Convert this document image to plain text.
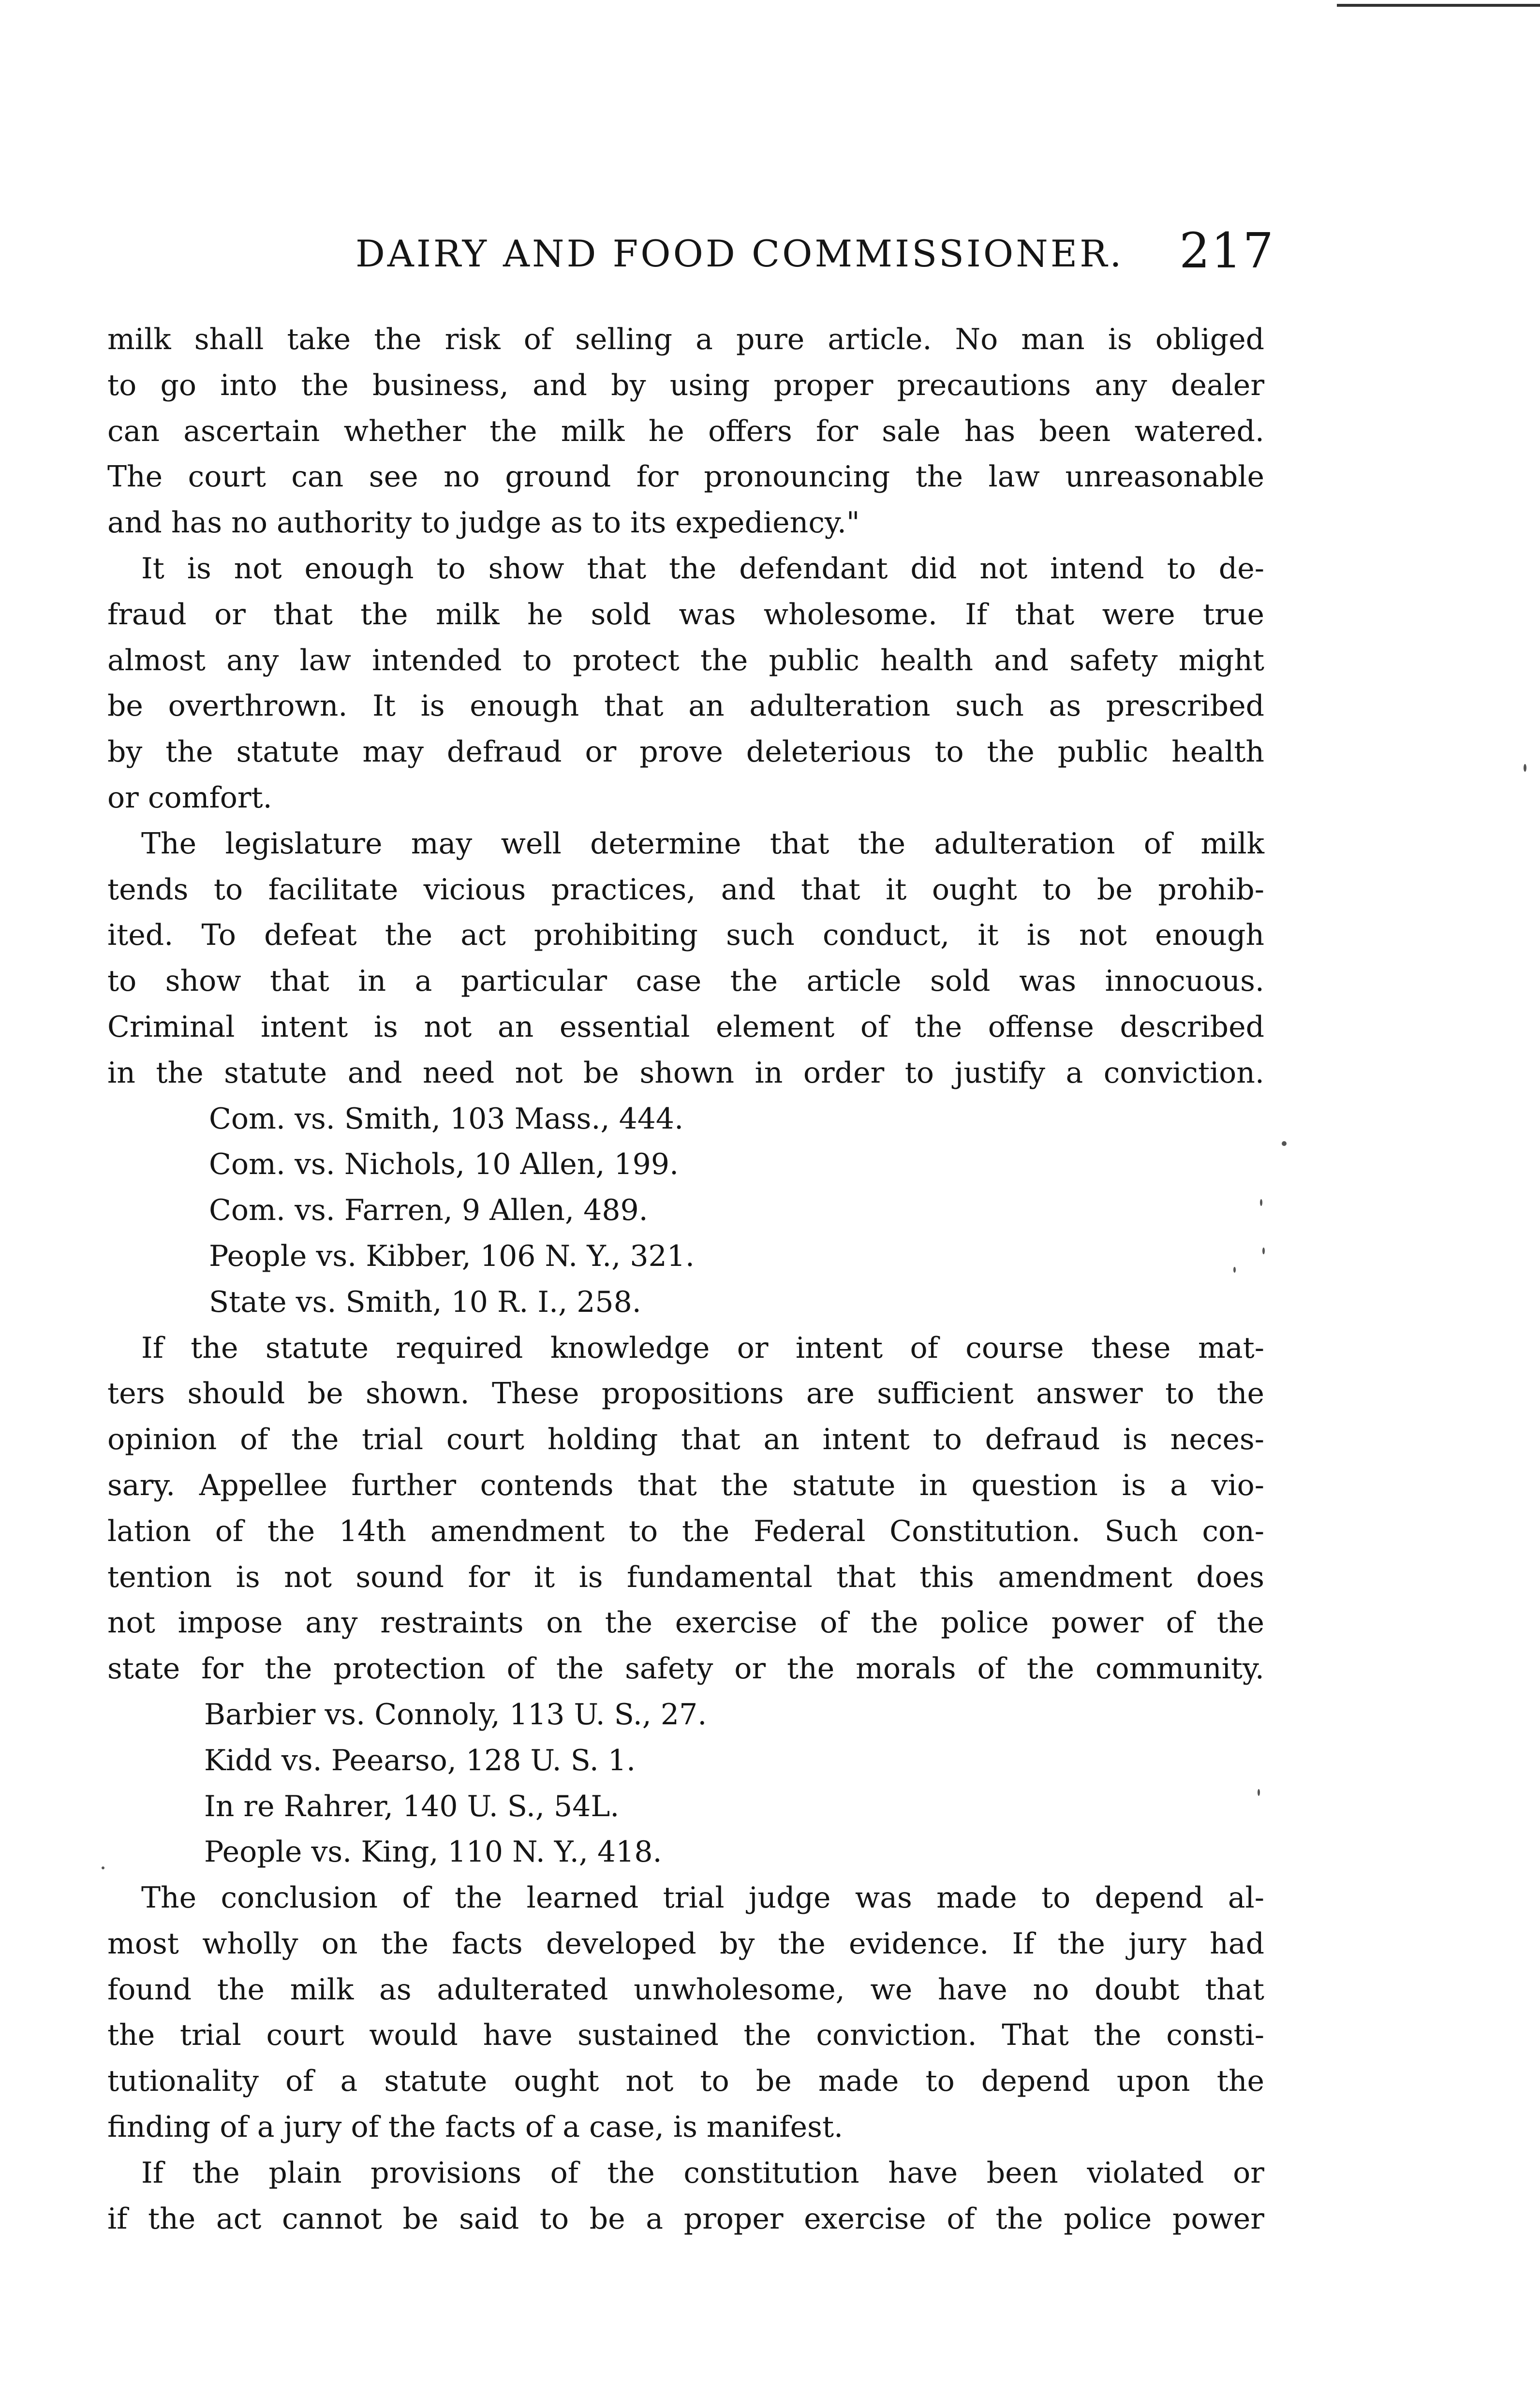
DAIRY AND FOOD COMMISSIONER. 217
milk shall take the risk of selling a pure article. No man is obliged
to go into the business, and by using proper precautions any dealer
can ascertain whether the milk he offers for sale has been watered.
The court can see no ground for pronouncing the law unreasonable
and has no authority to judge as to its expediency."
It is not enough to show that the defendant did not intend to de-
fraud or that the milk he sold was wholesome. If that were true
almost any law intended to protect the public health and safety might
be overthrown. It is enough that an adulteration such as prescribed
by the statute may defraud or prove deleterious to the public health
or comfort.
The legislature may well determine that the adulteration of milk
tends to facilitate vicious practices, and that it ought to be prohib-
ited. To defeat the act prohibiting such conduct, it is not enough
to show that in a particular case the article sold was innocuous.
Criminal intent is not an essential element of the offense described
in the statute and need not be shown in order to justify a conviction.
Com. vs. Smith, 103 Mass., 444.
Com. vs. Nichols, 10 Allen, 199.
Com. vs. Farren, 9 Allen, 489.
People vs. Kibber, 106 N. Y., 321.
State vs. Smith, 10 R. I., 258.
If the statute required knowledge or intent of course these mat-
ters should be shown. These propositions are sufficient answer to the
opinion of the trial court holding that an intent to defraud is neces-
sary. Appellee further contends that the statute in question is a vio-
lation of the 14th amendment to the Federal Constitution. Such con-
tention is not sound for it is fundamental that this amendment does
not impose any restraints on the exercise of the police power of the
state for the protection of the safety or the morals of the community.
Barbier vs. Connoly, 113 U. S., 27.
Kidd vs. Peearso, 128 U. S. 1.
In re Rahrer, 140 U. S., 54L.
People vs. King, 110 N. Y., 418.
The conclusion of the learned trial judge was made to depend al-
most wholly on the facts developed by the evidence. If the jury had
found the milk as adulterated unwholesome, we have no doubt that
the trial court would have sustained the conviction. That the consti-
tutionality of a statute ought not to be made to depend upon the
finding of a jury of the facts of a case, is manifest.
If the plain provisions of the constitution have been violated or
if the act cannot be said to be a proper exercise of the police power
